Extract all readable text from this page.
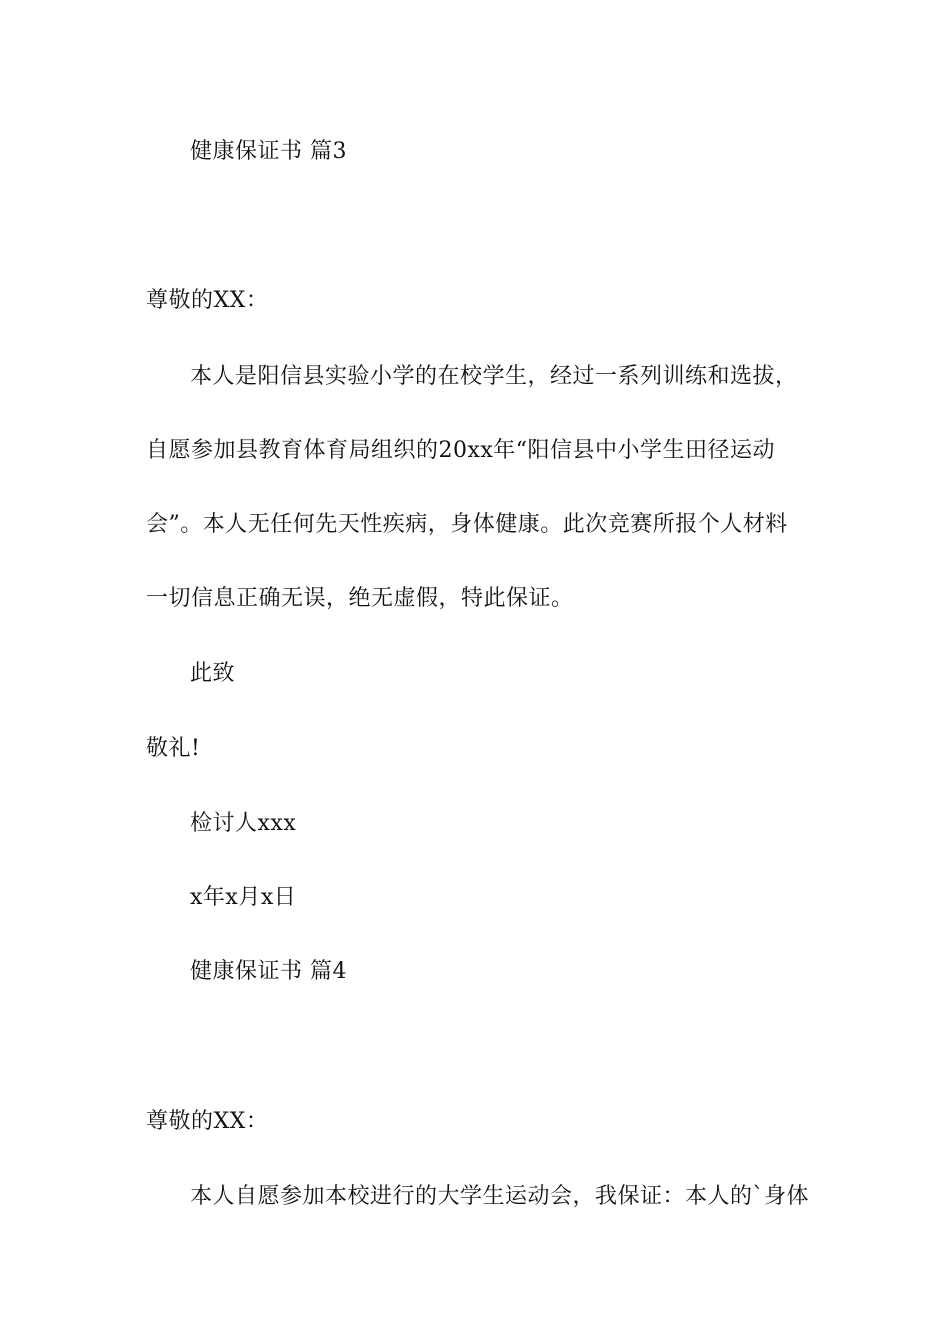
健康保证书 篇3
尊敬的XX：
本人是阳信县实验小学的在校学生，经过一系列训练和选拔，
自愿参加县教育体育局组织的20xx年“阳信县中小学生田径运动
会”。本人无任何先天性疾病，身体健康。此次竞赛所报个人材料
一切信息正确无误，绝无虚假，特此保证。
此致
敬礼!
检讨人xxx
x年x月x日
健康保证书 篇4
尊敬的XX：
本人自愿参加本校进行的大学生运动会，我保证：本人的`身体
